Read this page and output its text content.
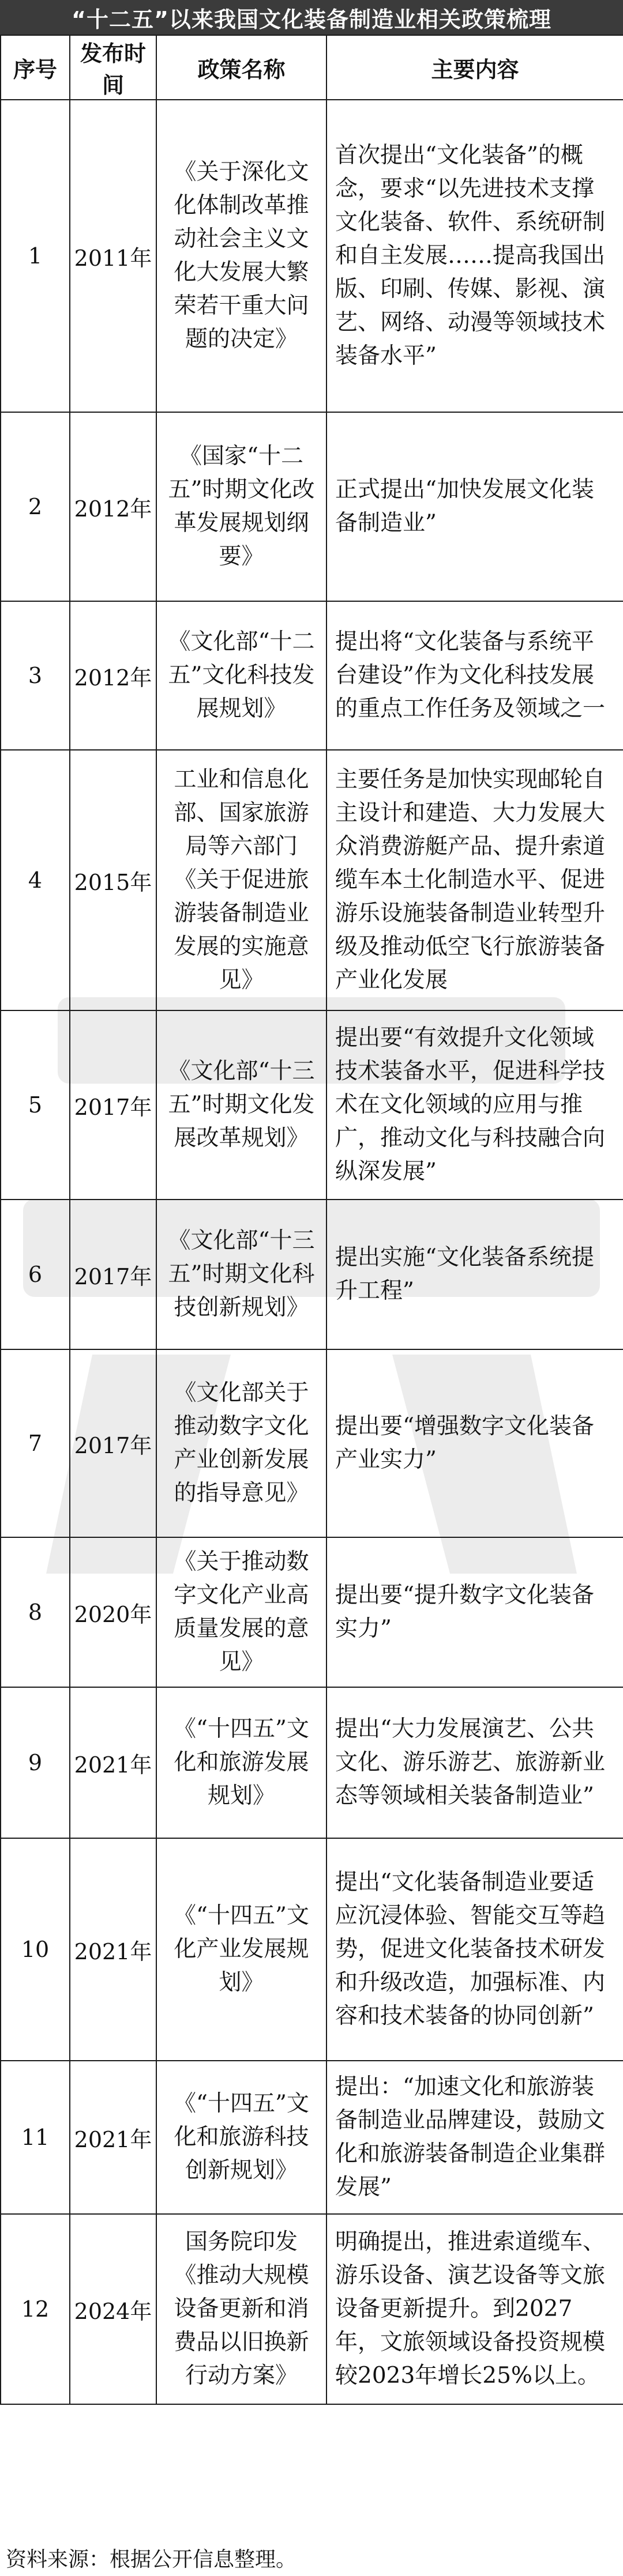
“十二五”以来我国文化装备制造业相关政策梳理
序号	发布时间	政策名称	主要内容
1	2011年	《关于深化文化体制改革推动社会主义文化大发展大繁荣若干重大问题的决定》	首次提出“文化装备”的概念，要求“以先进技术支撑文化装备、软件、系统研制和自主发展……提高我国出版、印刷、传媒、影视、演艺、网络、动漫等领域技术装备水平”
2	2012年	《国家“十二五”时期文化改革发展规划纲要》	正式提出“加快发展文化装备制造业”
3	2012年	《文化部“十二五”文化科技发展规划》	提出将“文化装备与系统平台建设”作为文化科技发展的重点工作任务及领域之一
4	2015年	工业和信息化部、国家旅游局等六部门《关于促进旅游装备制造业发展的实施意见》	主要任务是加快实现邮轮自主设计和建造、大力发展大众消费游艇产品、提升索道缆车本土化制造水平、促进游乐设施装备制造业转型升级及推动低空飞行旅游装备产业化发展
5	2017年	《文化部“十三五”时期文化发展改革规划》	提出要“有效提升文化领域技术装备水平，促进科学技术在文化领域的应用与推广，推动文化与科技融合向纵深发展”
6	2017年	《文化部“十三五”时期文化科技创新规划》	提出实施“文化装备系统提升工程”
7	2017年	《文化部关于推动数字文化产业创新发展的指导意见》	提出要“增强数字文化装备产业实力”
8	2020年	《关于推动数字文化产业高质量发展的意见》	提出要“提升数字文化装备实力”
9	2021年	《“十四五”文化和旅游发展规划》	提出“大力发展演艺、公共文化、游乐游艺、旅游新业态等领域相关装备制造业”
10	2021年	《“十四五”文化产业发展规划》	提出“文化装备制造业要适应沉浸体验、智能交互等趋势，促进文化装备技术研发和升级改造，加强标准、内容和技术装备的协同创新”
11	2021年	《“十四五”文化和旅游科技创新规划》	提出：“加速文化和旅游装备制造业品牌建设，鼓励文化和旅游装备制造企业集群发展”
12	2024年	国务院印发《推动大规模设备更新和消费品以旧换新行动方案》	明确提出，推进索道缆车、游乐设备、演艺设备等文旅设备更新提升。到2027年，文旅领域设备投资规模较2023年增长25%以上。
资料来源：根据公开信息整理。
